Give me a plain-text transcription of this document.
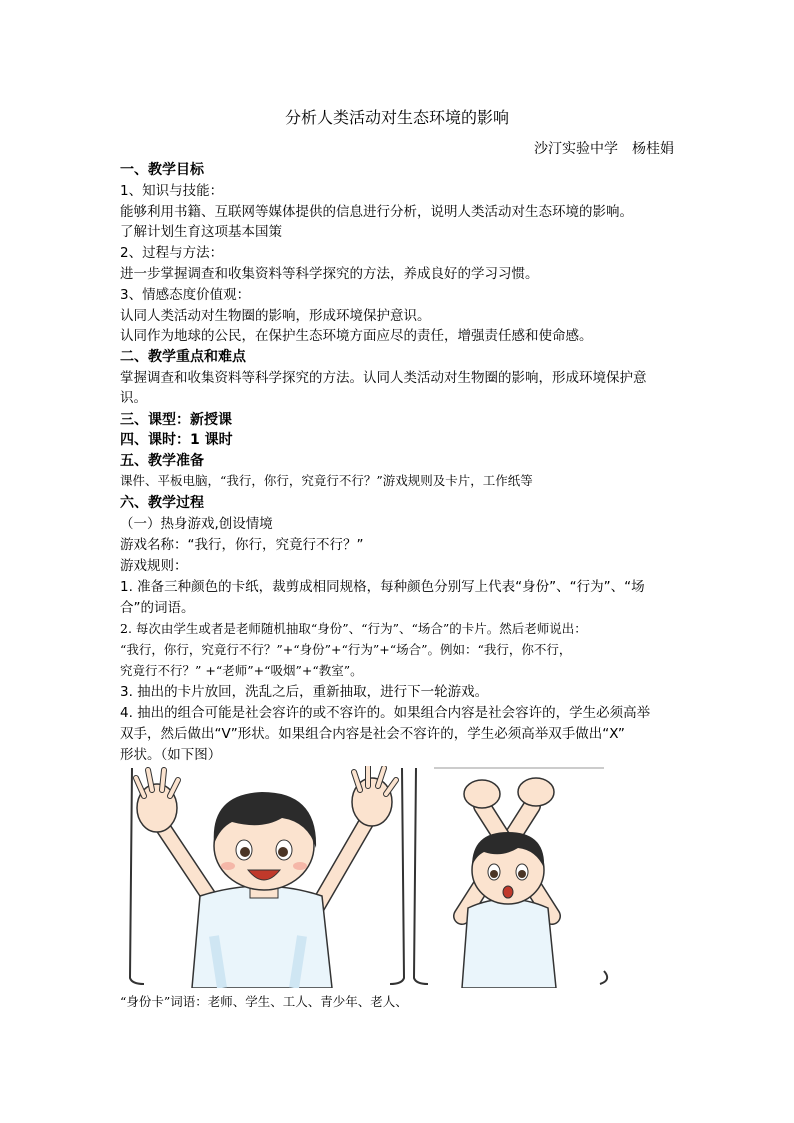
分析人类活动对生态环境的影响
沙汀实验中学　杨桂娟
一、教学目标
1、知识与技能：
能够利用书籍、互联网等媒体提供的信息进行分析，说明人类活动对生态环境的影响。
了解计划生育这项基本国策
2、过程与方法：
进一步掌握调查和收集资料等科学探究的方法，养成良好的学习习惯。
3、情感态度价值观：
认同人类活动对生物圈的影响，形成环境保护意识。
认同作为地球的公民，在保护生态环境方面应尽的责任，增强责任感和使命感。
二、教学重点和难点
掌握调查和收集资料等科学探究的方法。认同人类活动对生物圈的影响，形成环境保护意
识。
三、课型：新授课
四、课时：1 课时
五、教学准备
课件、平板电脑，“我行，你行，究竟行不行？”游戏规则及卡片，工作纸等
六、教学过程
（一）热身游戏,创设情境
游戏名称：“我行，你行，究竟行不行？”
游戏规则：
1. 准备三种颜色的卡纸，裁剪成相同规格，每种颜色分别写上代表“身份”、“行为”、“场
合”的词语。
2. 每次由学生或者是老师随机抽取“身份”、“行为”、“场合”的卡片。然后老师说出：
“我行，你行，究竟行不行？”+“身份”+“行为”+“场合”。例如：“我行，你不行，
究竟行不行？” +“老师”+“吸烟”+“教室”。
3. 抽出的卡片放回，洗乱之后，重新抽取，进行下一轮游戏。
4. 抽出的组合可能是社会容许的或不容许的。如果组合内容是社会容许的，学生必须高举
双手，然后做出“V”形状。如果组合内容是社会不容许的，学生必须高举双手做出“X”
形状。（如下图）
“身份卡”词语：老师、学生、工人、青少年、老人、
